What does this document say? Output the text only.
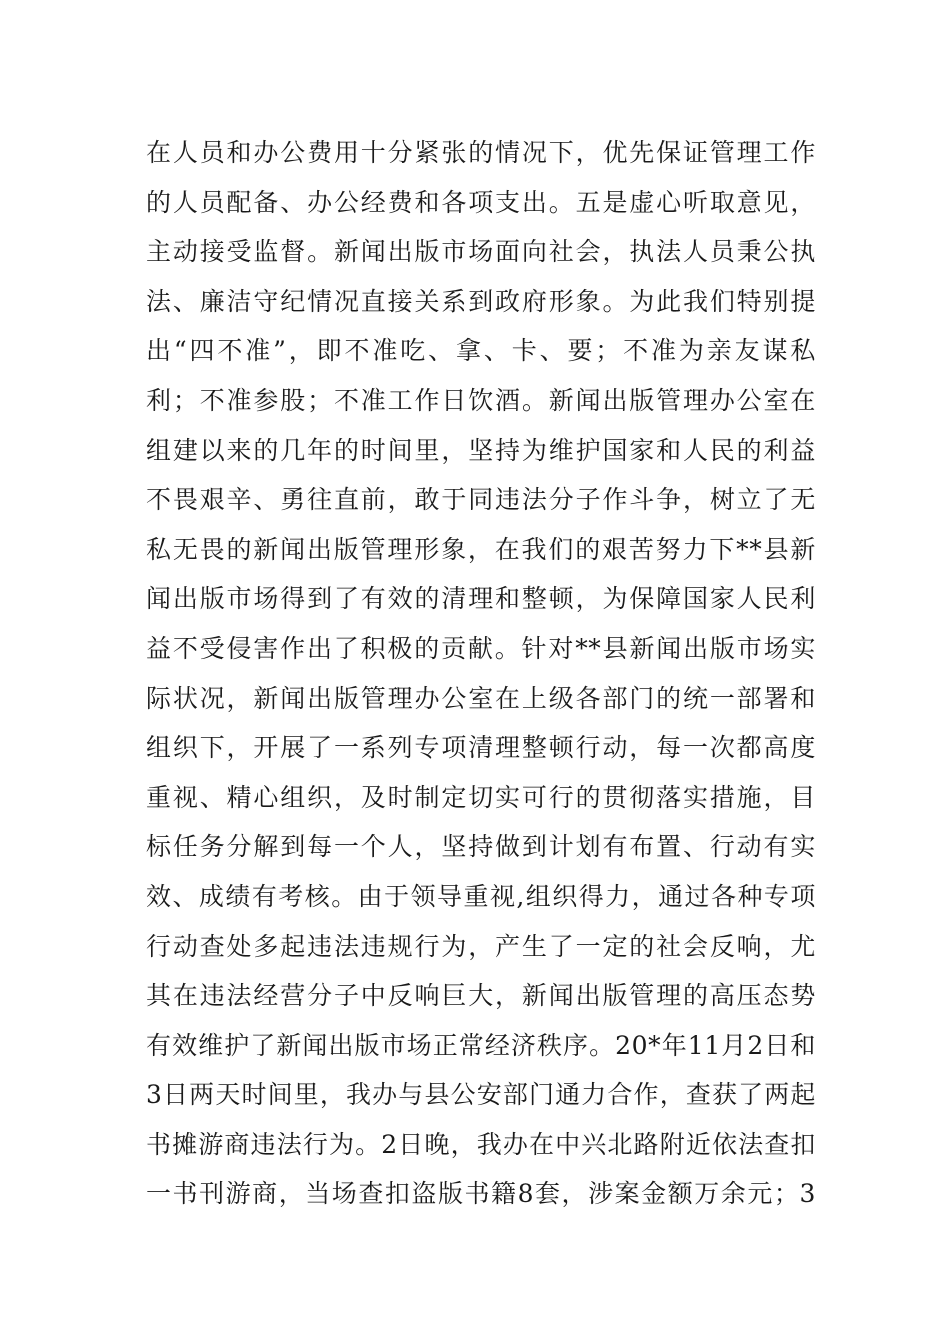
在人员和办公费用十分紧张的情况下，优先保证管理工作
的人员配备、办公经费和各项支出。五是虚心听取意见，
主动接受监督。新闻出版市场面向社会，执法人员秉公执
法、廉洁守纪情况直接关系到政府形象。为此我们特别提
出“四不准”，即不准吃、拿、卡、要；不准为亲友谋私
利；不准参股；不准工作日饮酒。新闻出版管理办公室在
组建以来的几年的时间里，坚持为维护国家和人民的利益
不畏艰辛、勇往直前，敢于同违法分子作斗争，树立了无
私无畏的新闻出版管理形象，在我们的艰苦努力下**县新
闻出版市场得到了有效的清理和整顿，为保障国家人民利
益不受侵害作出了积极的贡献。针对**县新闻出版市场实
际状况，新闻出版管理办公室在上级各部门的统一部署和
组织下，开展了一系列专项清理整顿行动，每一次都高度
重视、精心组织，及时制定切实可行的贯彻落实措施，目
标任务分解到每一个人，坚持做到计划有布置、行动有实
效、成绩有考核。由于领导重视,组织得力，通过各种专项
行动查处多起违法违规行为，产生了一定的社会反响，尤
其在违法经营分子中反响巨大，新闻出版管理的高压态势
有效维护了新闻出版市场正常经济秩序。20*年11月2日和
3日两天时间里，我办与县公安部门通力合作，查获了两起
书摊游商违法行为。2日晚，我办在中兴北路附近依法查扣
一书刊游商，当场查扣盗版书籍8套，涉案金额万余元；3
